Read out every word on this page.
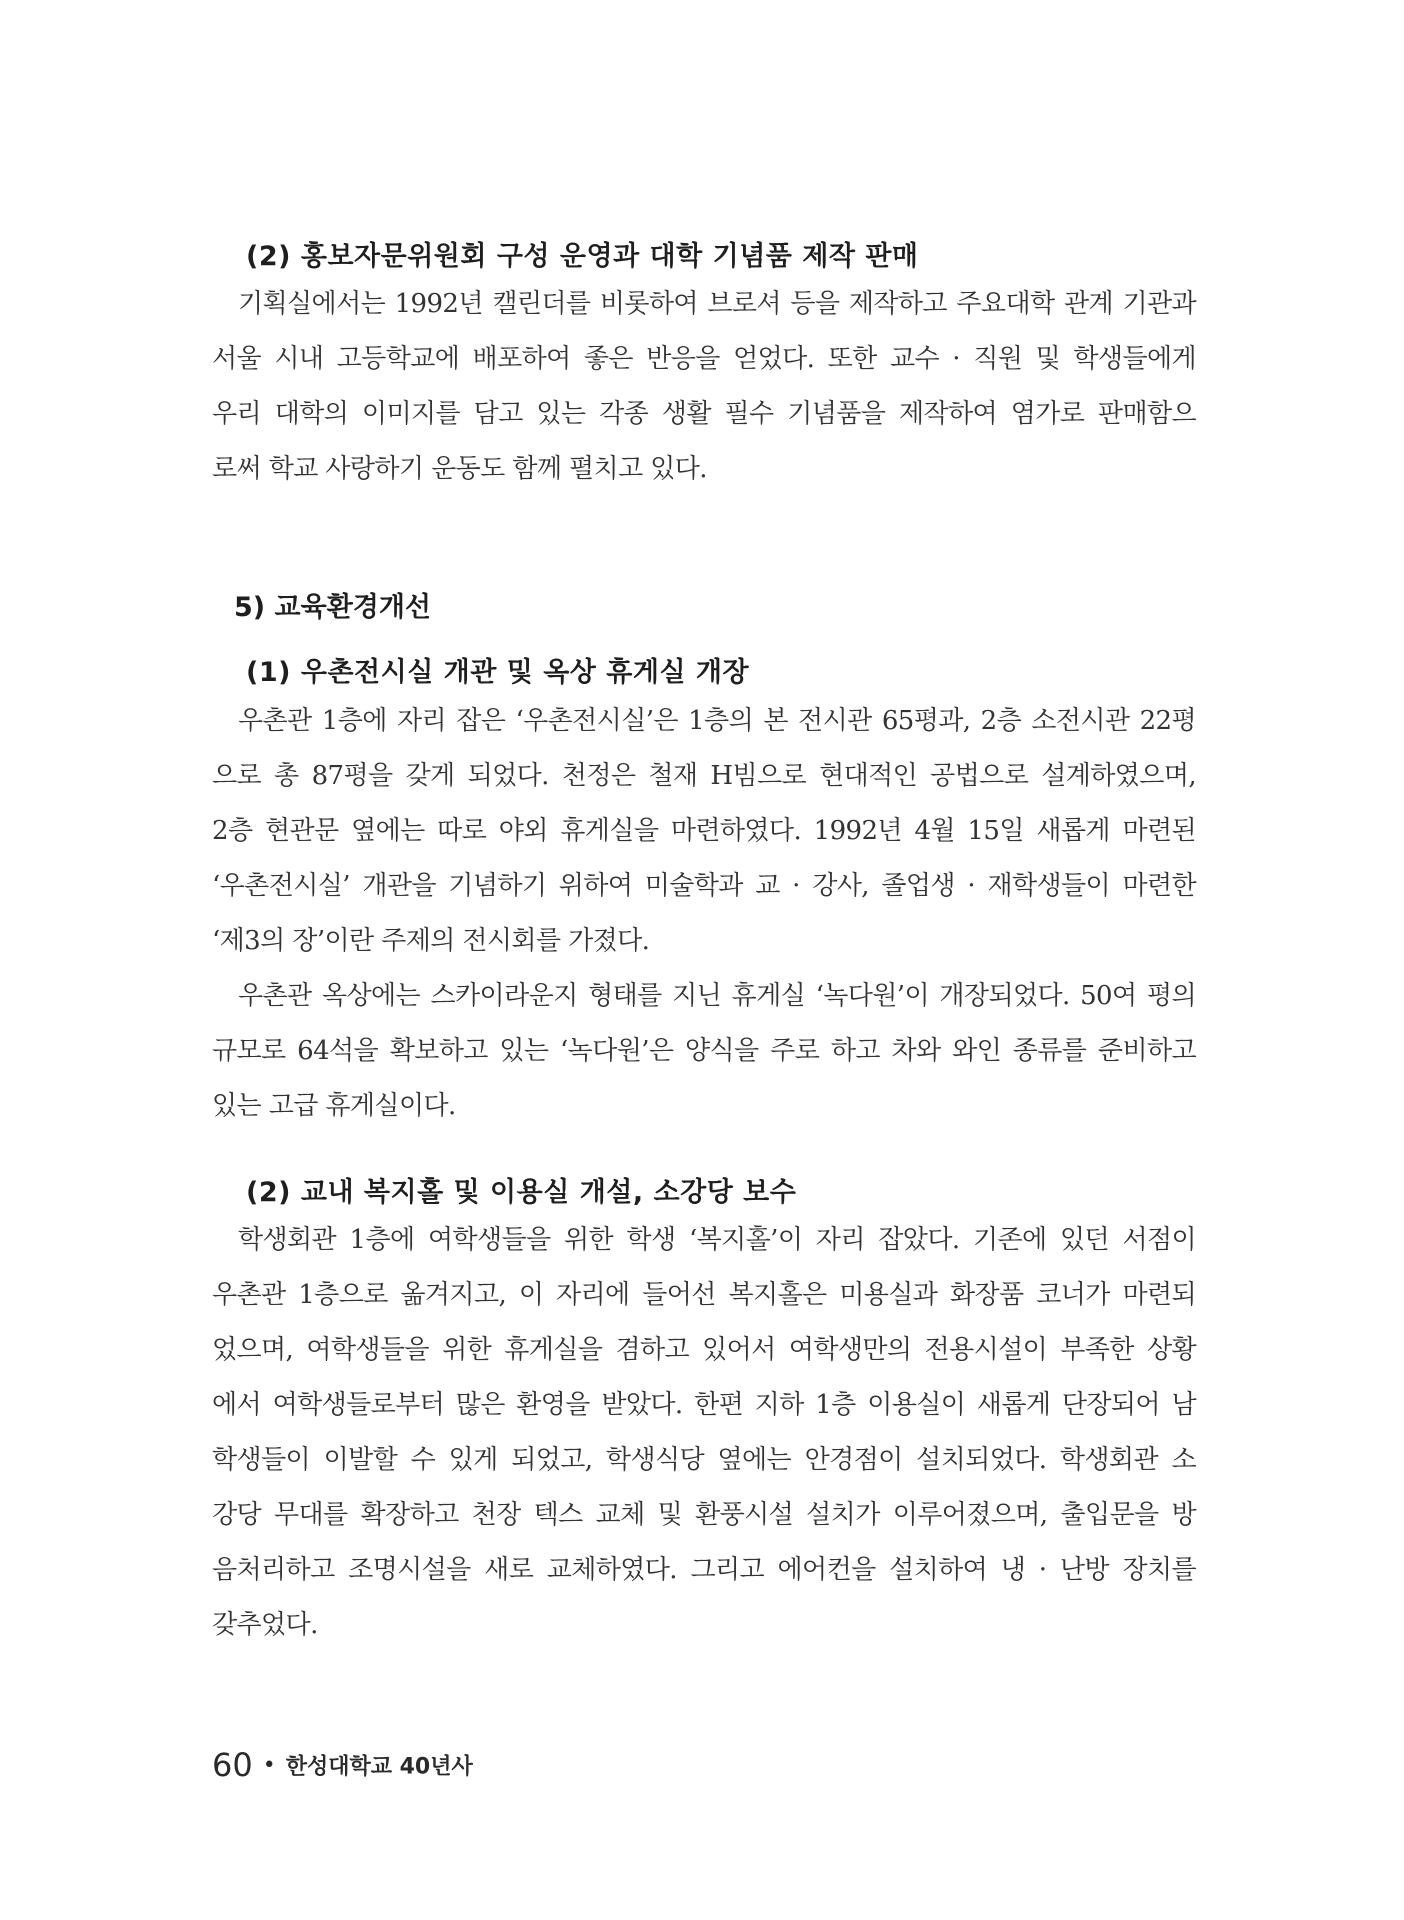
(2) 홍보자문위원회 구성 운영과 대학 기념품 제작 판매
기획실에서는 1992년 캘린더를 비롯하여 브로셔 등을 제작하고 주요대학 관계 기관과
서울 시내 고등학교에 배포하여 좋은 반응을 얻었다. 또한 교수 · 직원 및 학생들에게
우리 대학의 이미지를 담고 있는 각종 생활 필수 기념품을 제작하여 염가로 판매함으
로써 학교 사랑하기 운동도 함께 펼치고 있다.
5) 교육환경개선
(1) 우촌전시실 개관 및 옥상 휴게실 개장
우촌관 1층에 자리 잡은 ‘우촌전시실’은 1층의 본 전시관 65평과, 2층 소전시관 22평
으로 총 87평을 갖게 되었다. 천정은 철재 H빔으로 현대적인 공법으로 설계하였으며,
2층 현관문 옆에는 따로 야외 휴게실을 마련하였다. 1992년 4월 15일 새롭게 마련된
‘우촌전시실’ 개관을 기념하기 위하여 미술학과 교 · 강사, 졸업생 · 재학생들이 마련한
‘제3의 장’이란 주제의 전시회를 가졌다.
우촌관 옥상에는 스카이라운지 형태를 지닌 휴게실 ‘녹다원’이 개장되었다. 50여 평의
규모로 64석을 확보하고 있는 ‘녹다원’은 양식을 주로 하고 차와 와인 종류를 준비하고
있는 고급 휴게실이다.
(2) 교내 복지홀 및 이용실 개설, 소강당 보수
학생회관 1층에 여학생들을 위한 학생 ‘복지홀’이 자리 잡았다. 기존에 있던 서점이
우촌관 1층으로 옮겨지고, 이 자리에 들어선 복지홀은 미용실과 화장품 코너가 마련되
었으며, 여학생들을 위한 휴게실을 겸하고 있어서 여학생만의 전용시설이 부족한 상황
에서 여학생들로부터 많은 환영을 받았다. 한편 지하 1층 이용실이 새롭게 단장되어 남
학생들이 이발할 수 있게 되었고, 학생식당 옆에는 안경점이 설치되었다. 학생회관 소
강당 무대를 확장하고 천장 텍스 교체 및 환풍시설 설치가 이루어졌으며, 출입문을 방
음처리하고 조명시설을 새로 교체하였다. 그리고 에어컨을 설치하여 냉 · 난방 장치를
갖추었다.
60 • 한성대학교 40년사
